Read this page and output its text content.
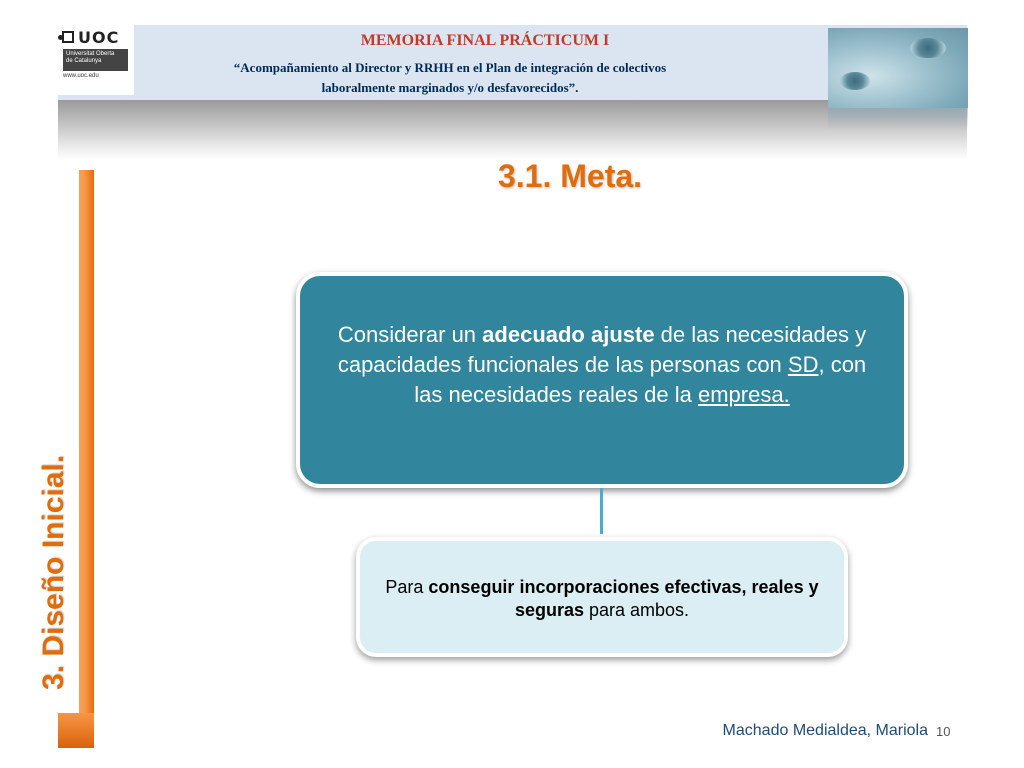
UOC
Universitat Oberta
de Catalunya
www.uoc.edu
MEMORIA FINAL PRÁCTICUM I
“Acompañamiento al Director y RRHH en el Plan de integración de colectivos
laboralmente marginados y/o desfavorecidos”.
3.1. Meta.
3. Diseño Inicial.
Considerar un adecuado ajuste de las necesidades y capacidades funcionales de las personas con SD, con las necesidades reales de la empresa.
Para conseguir incorporaciones efectivas, reales y seguras para ambos.
Machado Medialdea, Mariola 10
